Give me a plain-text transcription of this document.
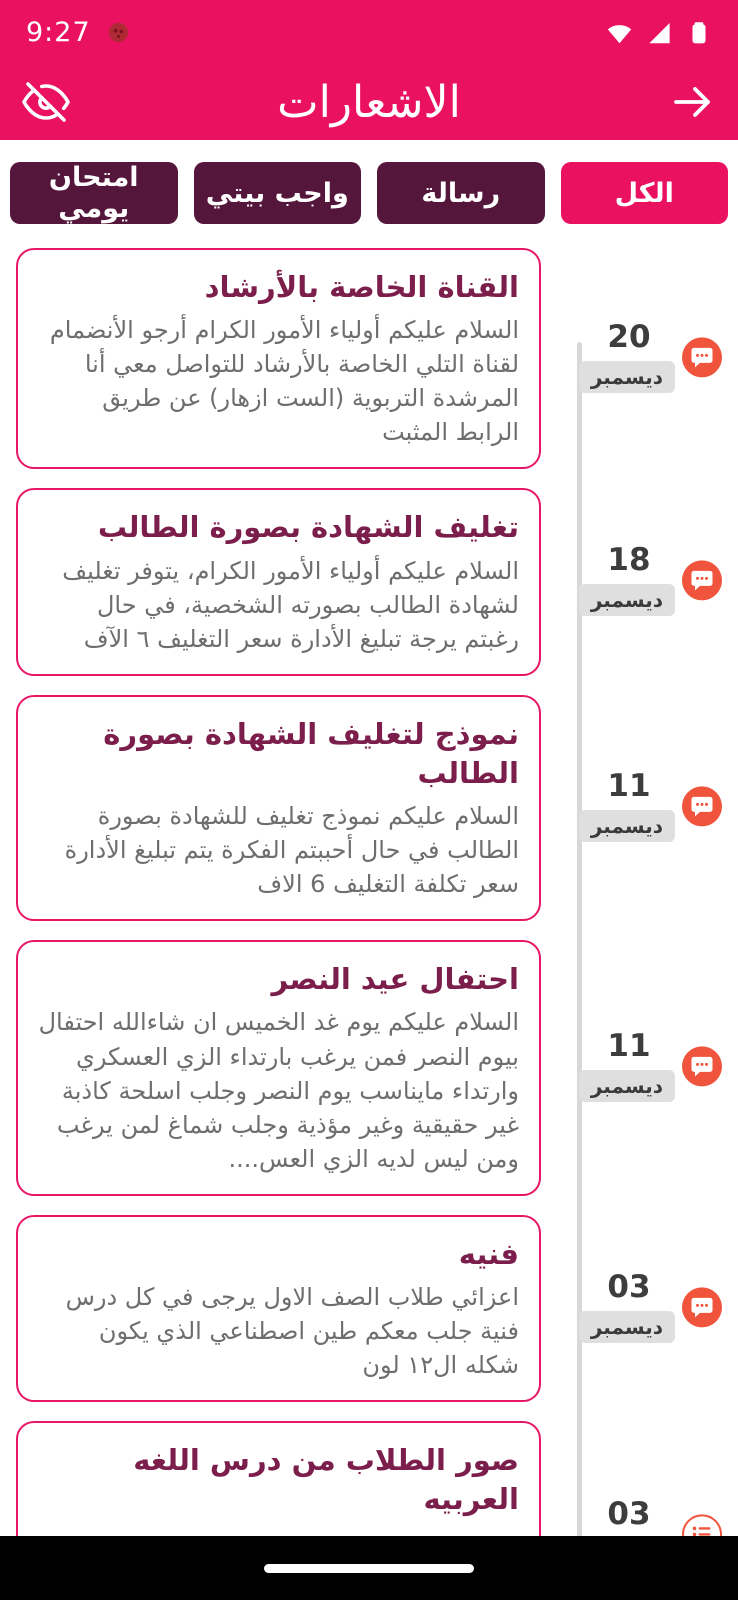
9:27
الاشعارات
الكل
رسالة
واجب بيتي
امتحان يومي
20
ديسمبر
القناة الخاصة بالأرشاد
السلام عليكم أولياء الأمور الكرام أرجو الأنضمام لقناة التلي الخاصة بالأرشاد للتواصل معي أنا المرشدة التربوية (الست ازهار) عن طريق الرابط المثبت
18
ديسمبر
تغليف الشهادة بصورة الطالب
السلام عليكم أولياء الأمور الكرام، يتوفر تغليف لشهادة الطالب بصورته الشخصية، في حال رغبتم يرجة تبليغ الأدارة سعر التغليف ٦ الآف
11
ديسمبر
نموذج لتغليف الشهادة بصورة الطالب
السلام عليكم نموذج تغليف للشهادة بصورة الطالب في حال أحببتم الفكرة يتم تبليغ الأدارة سعر تكلفة التغليف 6 الاف
11
ديسمبر
احتفال عيد النصر
السلام عليكم يوم غد الخميس ان شاءالله احتفال بيوم النصر فمن يرغب بارتداء الزي العسكري وارتداء مايناسب يوم النصر وجلب اسلحة كاذبة غير حقيقية وغير مؤذية وجلب شماغ لمن يرغب ومن ليس لديه الزي العس....
03
ديسمبر
فنيه
اعزائي طلاب الصف الاول يرجى في كل درس فنية جلب معكم طين اصطناعي الذي يكون شكله ال١٢ لون
03
صور الطلاب من درس اللغه العربيه
